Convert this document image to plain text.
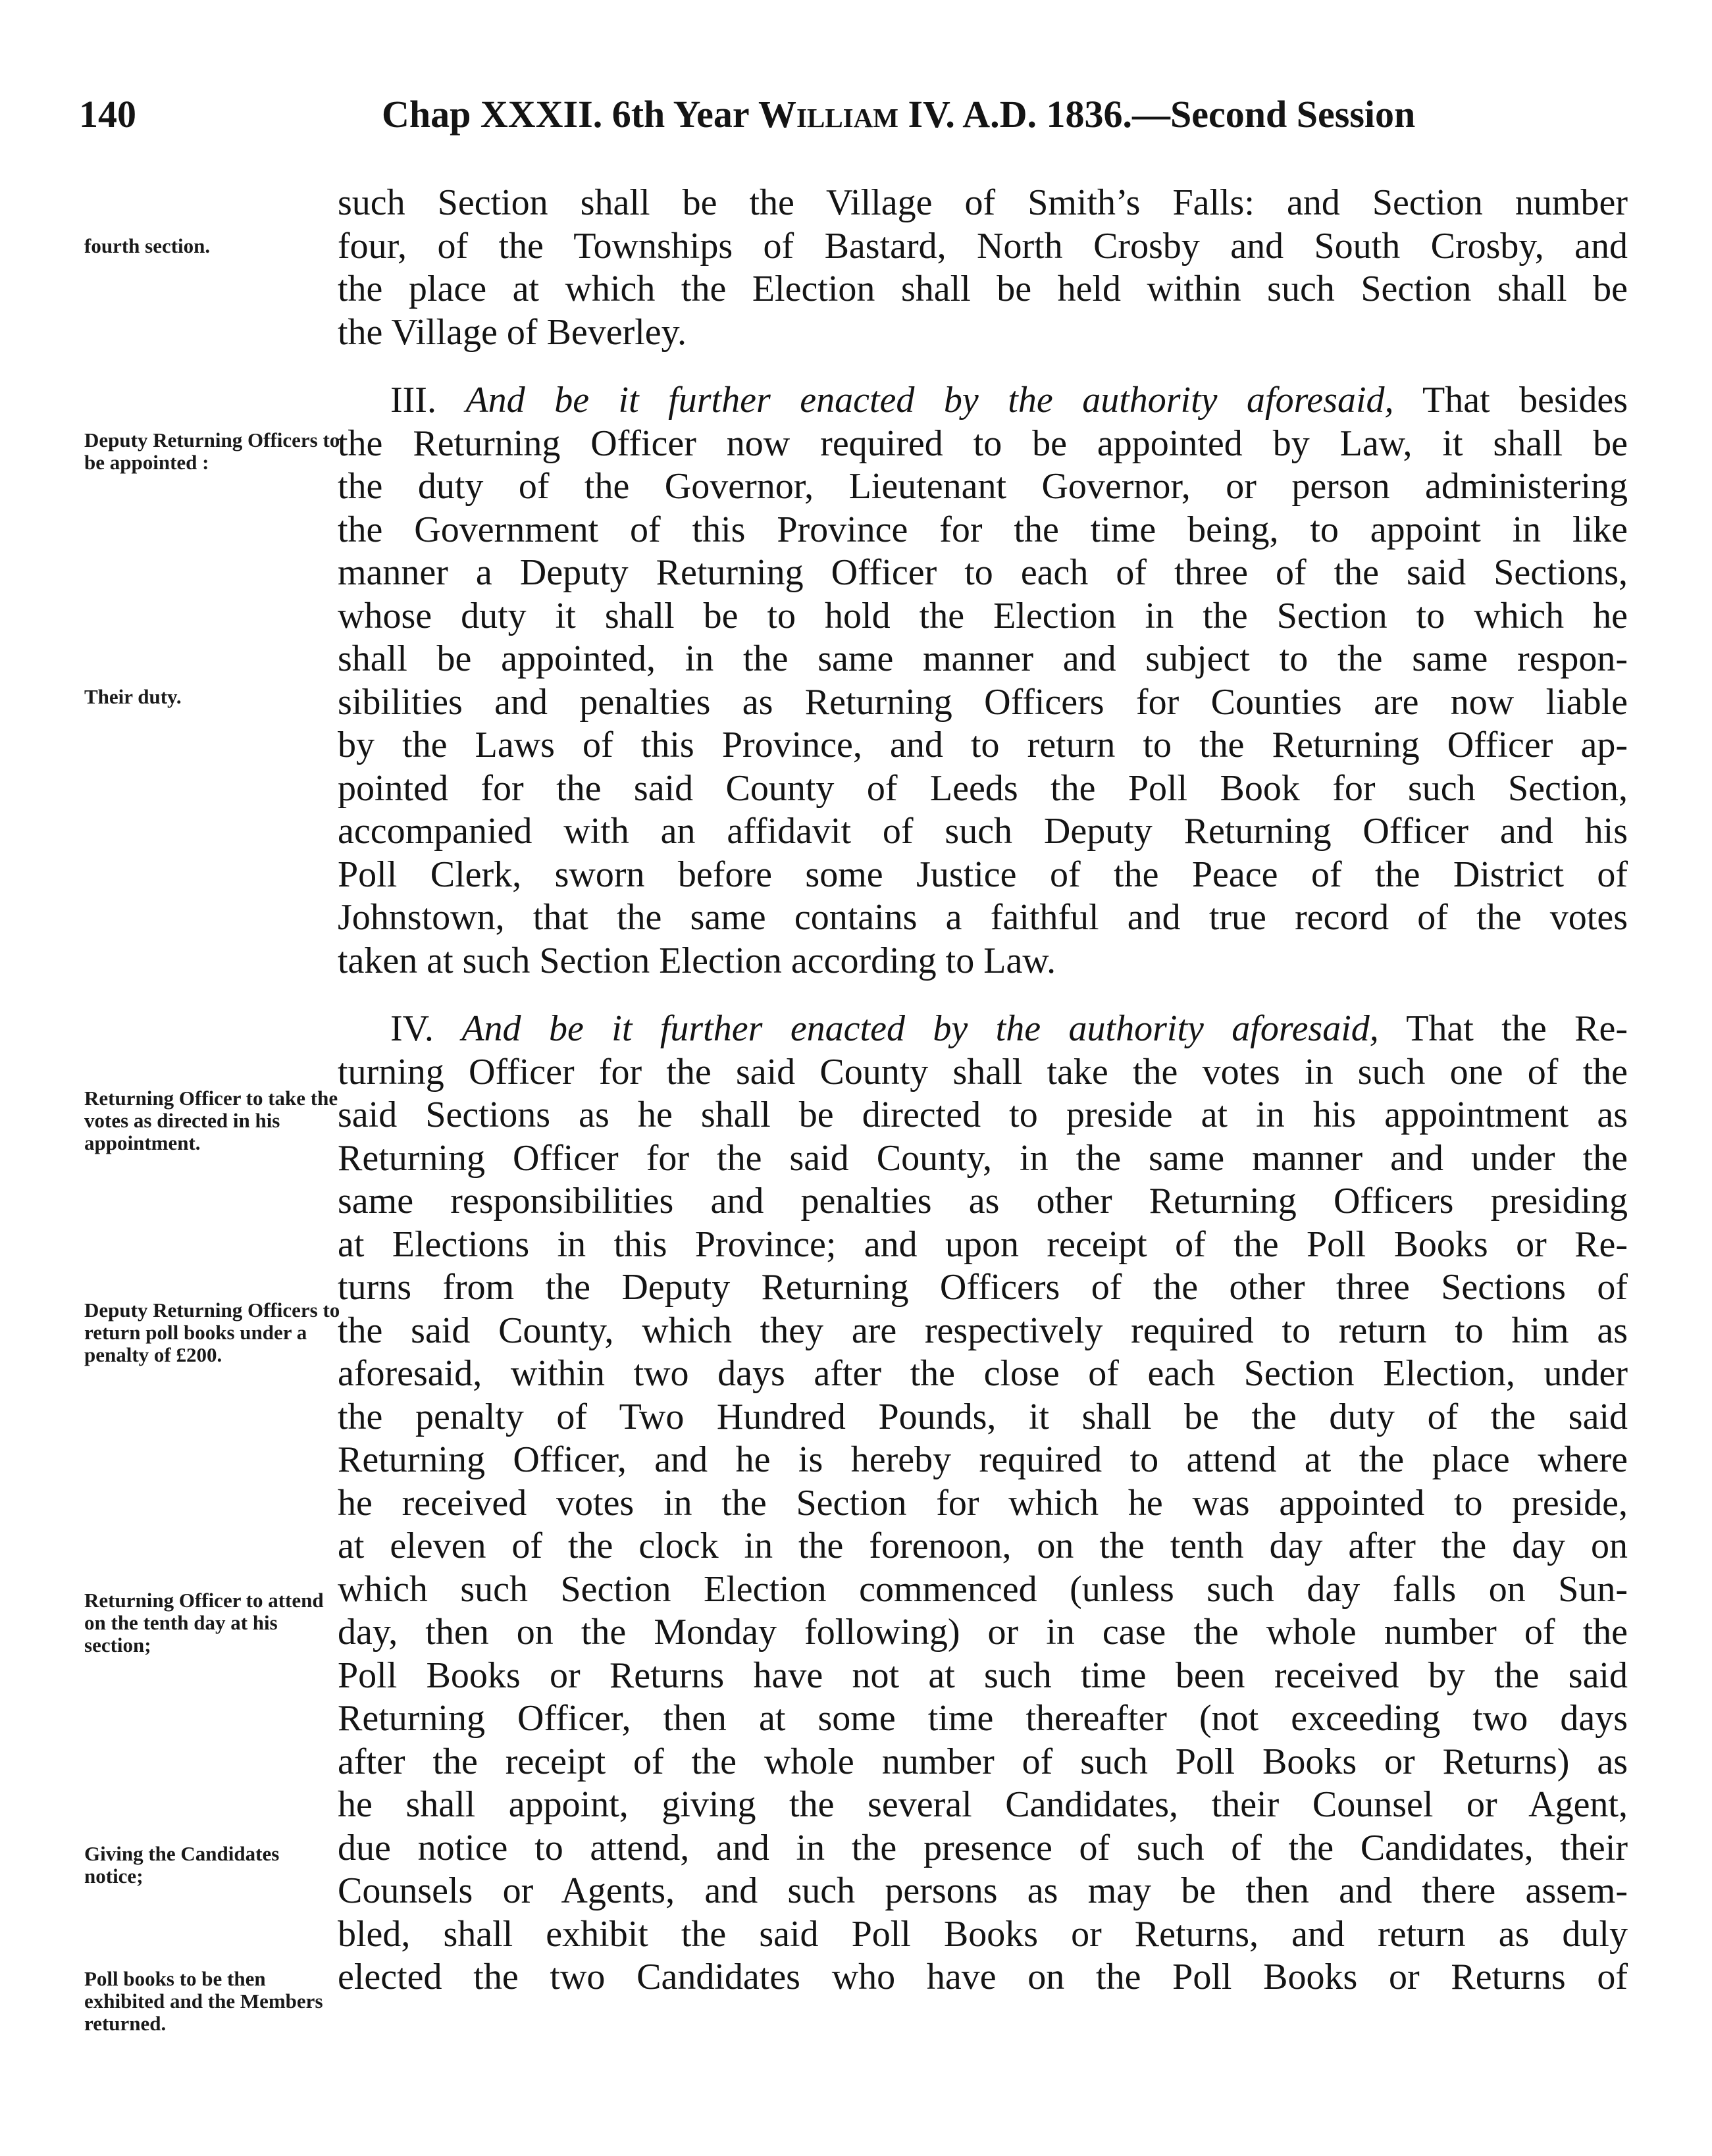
140	Chap XXXII. 6th Year William IV. A.D. 1836.—Second Session
fourth section.
Deputy Returning Officers to be appointed :
Their duty.
Returning Officer to take the votes as directed in his appointment.
Deputy Returning Officers to return poll books under a penalty of £200.
Returning Officer to attend on the tenth day at his section;
Giving the Candidates notice;
Poll books to be then exhibited and the Members returned.
such Section shall be the Village of Smith’s Falls: and Section number
four, of the Townships of Bastard, North Crosby and South Crosby, and
the place at which the Election shall be held within such Section shall be
the Village of Beverley.
III. And be it further enacted by the authority aforesaid, That besides
the Returning Officer now required to be appointed by Law, it shall be
the duty of the Governor, Lieutenant Governor, or person administering
the Government of this Province for the time being, to appoint in like
manner a Deputy Returning Officer to each of three of the said Sections,
whose duty it shall be to hold the Election in the Section to which he
shall be appointed, in the same manner and subject to the same respon-
sibilities and penalties as Returning Officers for Counties are now liable
by the Laws of this Province, and to return to the Returning Officer ap-
pointed for the said County of Leeds the Poll Book for such Section,
accompanied with an affidavit of such Deputy Returning Officer and his
Poll Clerk, sworn before some Justice of the Peace of the District of
Johnstown, that the same contains a faithful and true record of the votes
taken at such Section Election according to Law.
IV. And be it further enacted by the authority aforesaid, That the Re-
turning Officer for the said County shall take the votes in such one of the
said Sections as he shall be directed to preside at in his appointment as
Returning Officer for the said County, in the same manner and under the
same responsibilities and penalties as other Returning Officers presiding
at Elections in this Province; and upon receipt of the Poll Books or Re-
turns from the Deputy Returning Officers of the other three Sections of
the said County, which they are respectively required to return to him as
aforesaid, within two days after the close of each Section Election, under
the penalty of Two Hundred Pounds, it shall be the duty of the said
Returning Officer, and he is hereby required to attend at the place where
he received votes in the Section for which he was appointed to preside,
at eleven of the clock in the forenoon, on the tenth day after the day on
which such Section Election commenced (unless such day falls on Sun-
day, then on the Monday following) or in case the whole number of the
Poll Books or Returns have not at such time been received by the said
Returning Officer, then at some time thereafter (not exceeding two days
after the receipt of the whole number of such Poll Books or Returns) as
he shall appoint, giving the several Candidates, their Counsel or Agent,
due notice to attend, and in the presence of such of the Candidates, their
Counsels or Agents, and such persons as may be then and there assem-
bled, shall exhibit the said Poll Books or Returns, and return as duly
elected the two Candidates who have on the Poll Books or Returns of
